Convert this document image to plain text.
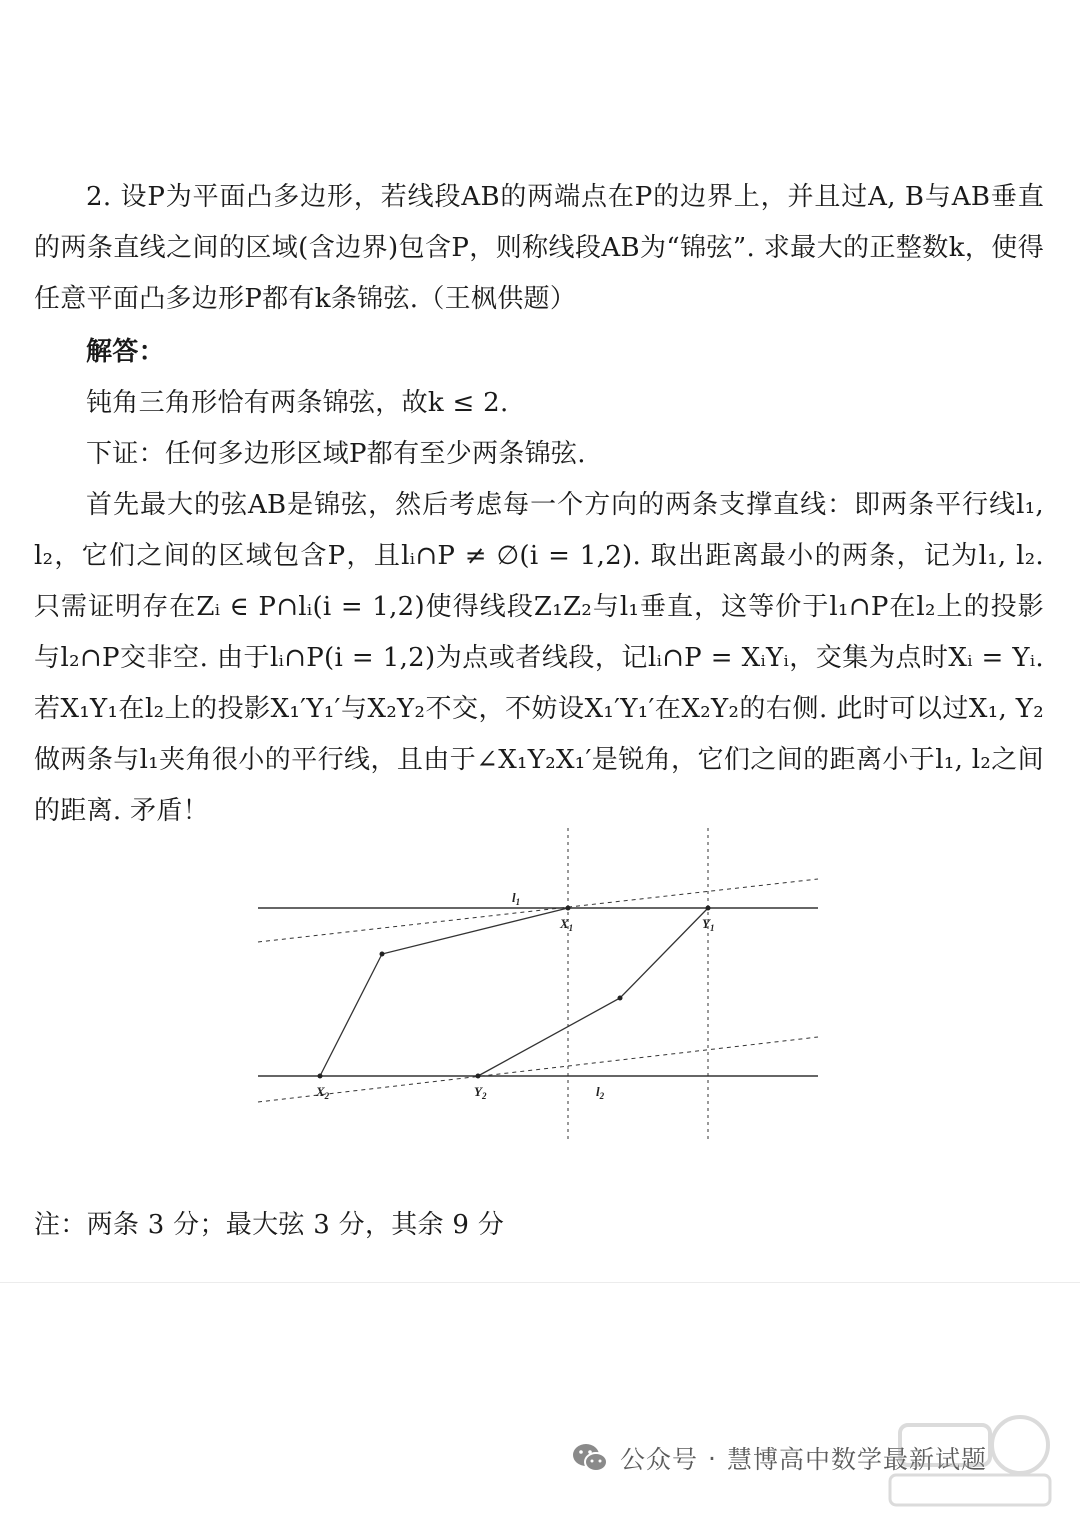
2. 设P为平面凸多边形，若线段AB的两端点在P的边界上，并且过A, B与AB垂直的两条直线之间的区域(含边界)包含P，则称线段AB为“锦弦”. 求最大的正整数k，使得任意平面凸多边形P都有k条锦弦.（王枫供题）

解答：

钝角三角形恰有两条锦弦，故k ≤ 2.

下证：任何多边形区域P都有至少两条锦弦.

首先最大的弦AB是锦弦，然后考虑每一个方向的两条支撑直线：即两条平行线l₁, l₂，它们之间的区域包含P，且lᵢ∩P ≠ ∅(i = 1,2). 取出距离最小的两条，记为l₁, l₂. 只需证明存在Zᵢ ∈ P∩lᵢ(i = 1,2)使得线段Z₁Z₂与l₁垂直，这等价于l₁∩P在l₂上的投影与l₂∩P交非空. 由于lᵢ∩P(i = 1,2)为点或者线段，记lᵢ∩P = XᵢYᵢ，交集为点时Xᵢ = Yᵢ. 若X₁Y₁在l₂上的投影X₁′Y₁′与X₂Y₂不交，不妨设X₁′Y₁′在X₂Y₂的右侧. 此时可以过X₁, Y₂做两条与l₁夹角很小的平行线，且由于∠X₁Y₂X₁′是锐角，它们之间的距离小于l₁, l₂之间的距离. 矛盾！

$l_1$
$X_1$	$Y_1$
$X_2$	$Y_2$	$l_2$

注：两条 3 分；最大弦 3 分，其余 9 分

公众号 · 慧博高中数学最新试题
